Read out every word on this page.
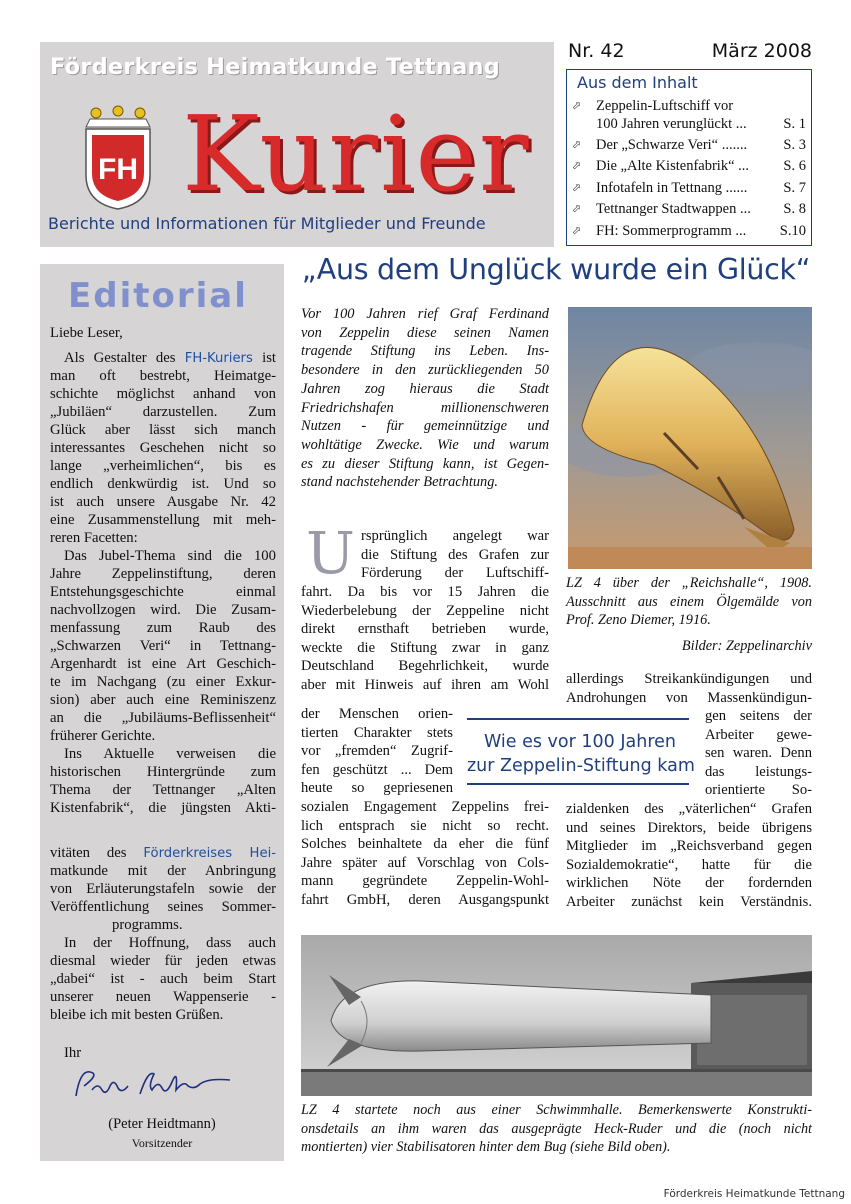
Förderkreis Heimatkunde Tettnang
FH Kurier
Berichte und Informationen für Mitglieder und Freunde
Nr. 42	März 2008
Aus dem Inhalt
⬀ Zeppelin-Luftschiff vor
100 Jahren verunglückt ...	S. 1
⬀ Der „Schwarze Veri“ .......	S. 3
⬀ Die „Alte Kistenfabrik“ ... S. 6
⬀ Infotafeln in Tettnang ...... S. 7
⬀ Tettnanger Stadtwappen ... S. 8
⬀ FH: Sommerprogramm ... S.10
Editorial
Liebe Leser,
Als Gestalter des FH-Kuriers ist
man oft bestrebt, Heimatge-
schichte möglichst anhand von
„Jubiläen“ darzustellen. Zum
Glück aber lässt sich manch
interessantes Geschehen nicht so
lange „verheimlichen“, bis es
endlich denkwürdig ist. Und so
ist auch unsere Ausgabe Nr. 42
eine Zusammenstellung mit meh-
reren Facetten:
Das Jubel-Thema sind die 100
Jahre Zeppelinstiftung, deren
Entstehungsgeschichte einmal
nachvollzogen wird. Die Zusam-
menfassung zum Raub des
„Schwarzen Veri“ in Tettnang-
Argenhardt ist eine Art Geschich-
te im Nachgang (zu einer Exkur-
sion) aber auch eine Reminiszenz
an die „Jubiläums-Beflissenheit“
früherer Gerichte.
Ins Aktuelle verweisen die
historischen Hintergründe zum
Thema der Tettnanger „Alten
Kistenfabrik“, die jüngsten Akti-
matkunde mit der Anbringung
von Erläuterungstafeln sowie der
Veröffentlichung seines Sommer-
programms.
In der Hoffnung, dass auch
diesmal wieder für jeden etwas
„dabei“ ist - auch beim Start
unserer neuen Wappenserie -
bleibe ich mit besten Grüßen.
vitäten des Förderkreises Hei-
Ihr
(Peter Heidtmann)
Vorsitzender
„Aus dem Unglück wurde ein Glück“
Vor 100 Jahren rief Graf Ferdinand
von Zeppelin diese seinen Namen
tragende Stiftung ins Leben. Ins-
besondere in den zurückliegenden 50
Jahren zog hieraus die Stadt
Friedrichshafen millionenschweren
Nutzen - für gemeinnützige und
wohltätige Zwecke. Wie und warum
es zu dieser Stiftung kann, ist Gegen-
stand nachstehender Betrachtung.
U rsprünglich angelegt war
die Stiftung des Grafen zur
Förderung der Luftschiff-
fahrt. Da bis vor 15 Jahren die
Wiederbelebung der Zeppeline nicht
direkt ernsthaft betrieben wurde,
weckte die Stiftung zwar in ganz
Deutschland Begehrlichkeit, wurde
aber mit Hinweis auf ihren am Wohl
der Menschen orien-
tierten Charakter stets
vor „fremden“ Zugrif-
fen geschützt ... Dem
heute so gepriesenen
sozialen Engagement Zeppelins frei-
lich entsprach sie nicht so recht.
Solches beinhaltete da eher die fünf
Jahre später auf Vorschlag von Cols-
mann gegründete Zeppelin-Wohl-
fahrt GmbH, deren Ausgangspunkt
allerdings Streikankündigungen und
Androhungen von Massenkündigun-
gen seitens der
Arbeiter gewe-
sen waren. Denn
das leistungs-
orientierte So-
zialdenken des „väterlichen“ Grafen
und seines Direktors, beide übrigens
Mitglieder im „Reichsverband gegen
Sozialdemokratie“, hatte für die
wirklichen Nöte der fordernden
Arbeiter zunächst kein Verständnis.
LZ 4 über der „Reichshalle“, 1908.
Ausschnitt aus einem Ölgemälde von
Prof. Zeno Diemer, 1916.
Bilder: Zeppelinarchiv
Wie es vor 100 Jahren
zur Zeppelin-Stiftung kam
LZ 4 startete noch aus einer Schwimmhalle. Bemerkenswerte Konstrukti-
onsdetails an ihm waren das ausgeprägte Heck-Ruder und die (noch nicht
montierten) vier Stabilisatoren hinter dem Bug (siehe Bild oben).
Förderkreis Heimatkunde Tettnang
